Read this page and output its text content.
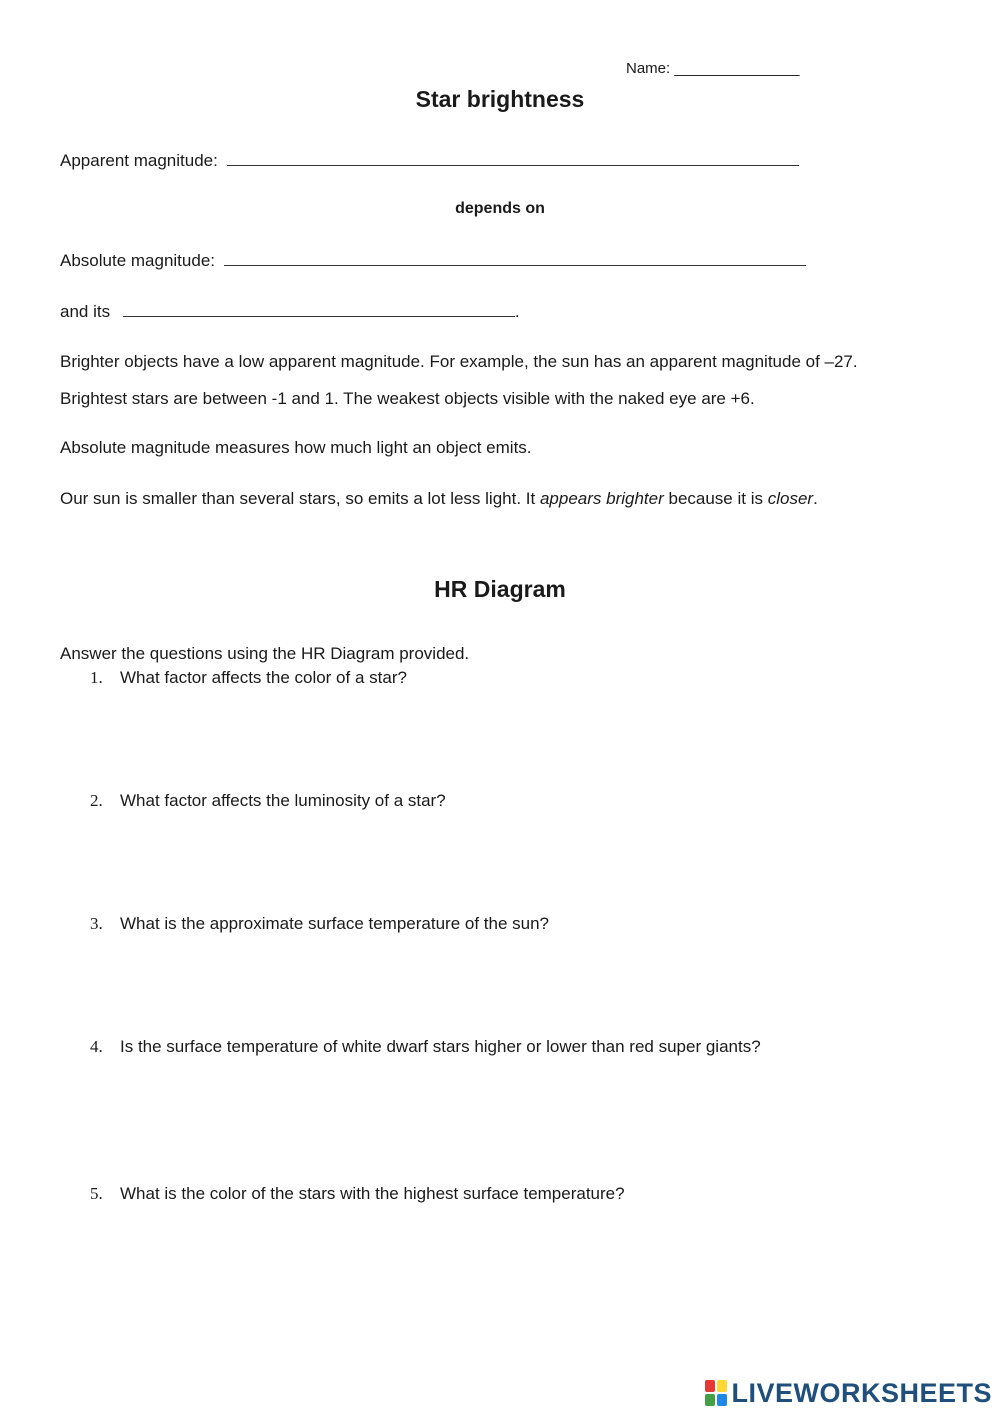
Name: _______________
Star brightness
Apparent magnitude:
depends on
Absolute magnitude:
and its	.
Brighter objects have a low apparent magnitude. For example, the sun has an apparent magnitude of –27.
Brightest stars are between -1 and 1. The weakest objects visible with the naked eye are +6.
Absolute magnitude measures how much light an object emits.
Our sun is smaller than several stars, so emits a lot less light. It appears brighter because it is closer.
HR Diagram
Answer the questions using the HR Diagram provided.
1. What factor affects the color of a star?
2. What factor affects the luminosity of a star?
3. What is the approximate surface temperature of the sun?
4. Is the surface temperature of white dwarf stars higher or lower than red super giants?
5. What is the color of the stars with the highest surface temperature?
LIVEWORKSHEETS
